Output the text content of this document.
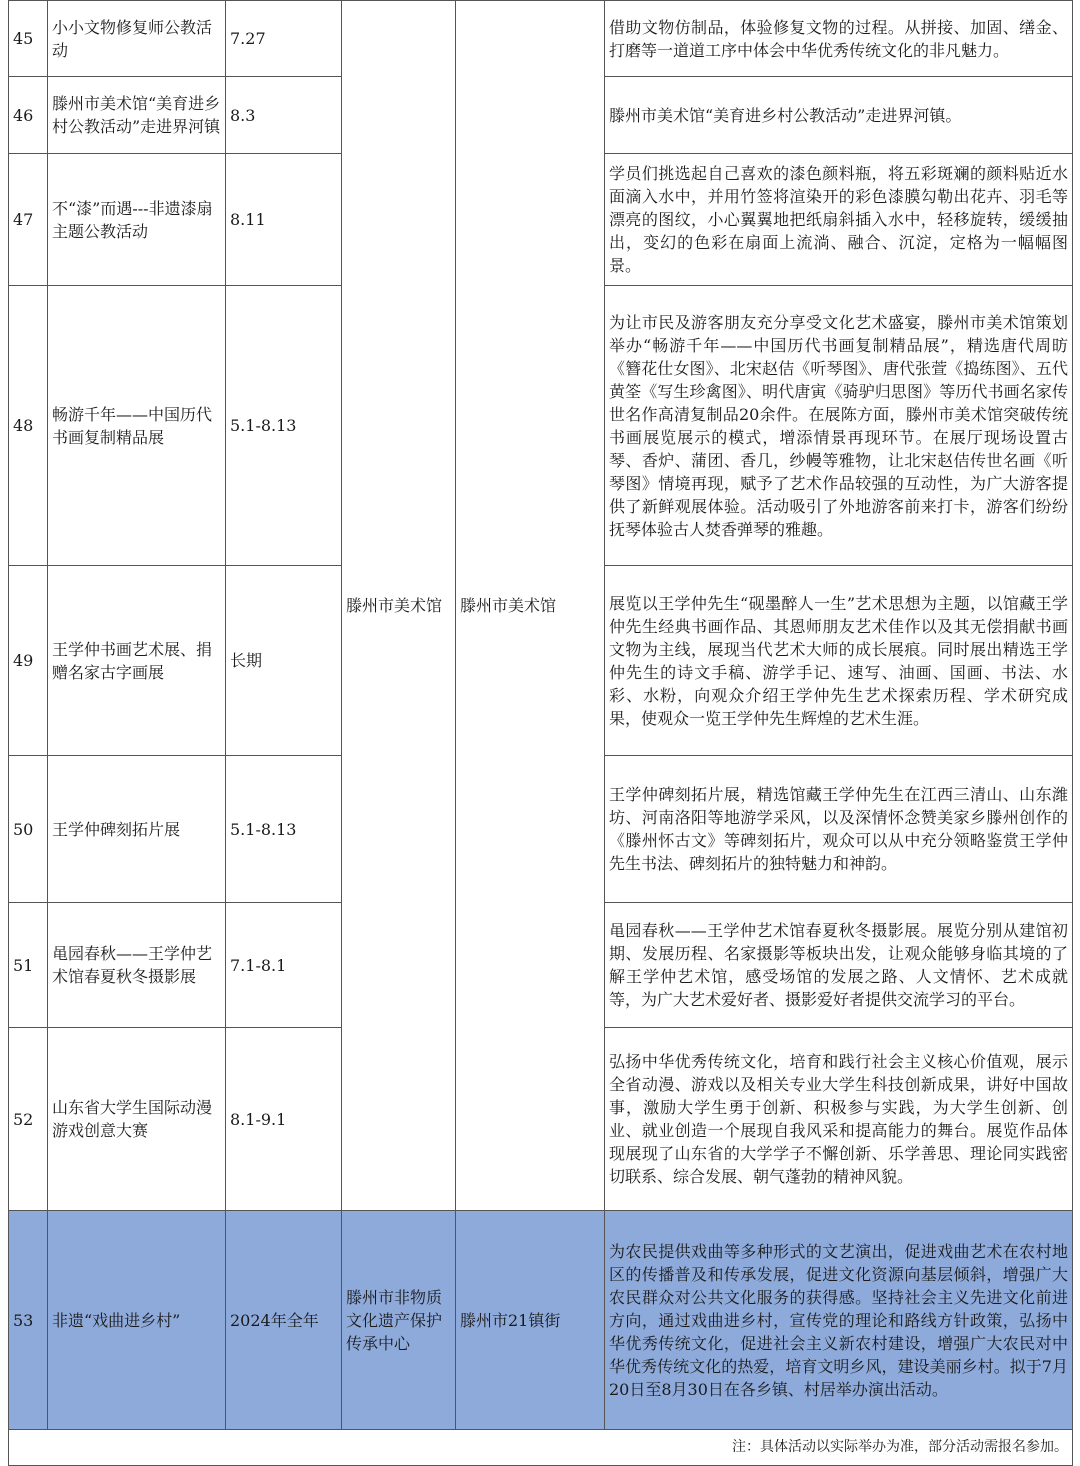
45	小小文物修复师公教活动	7.27	滕州市美术馆	滕州市美术馆	借助文物仿制品，体验修复文物的过程。从拼接、加固、缮金、打磨等一道道工序中体会中华优秀传统文化的非凡魅力。
46	滕州市美术馆“美育进乡村公教活动”走进界河镇	8.3			滕州市美术馆“美育进乡村公教活动”走进界河镇。
47	不“漆”而遇---非遗漆扇主题公教活动	8.11			学员们挑选起自己喜欢的漆色颜料瓶，将五彩斑斓的颜料贴近水面滴入水中，并用竹签将渲染开的彩色漆膜勾勒出花卉、羽毛等漂亮的图纹，小心翼翼地把纸扇斜插入水中，轻移旋转，缓缓抽出，变幻的色彩在扇面上流淌、融合、沉淀，定格为一幅幅图景。
48	畅游千年——中国历代书画复制精品展	5.1-8.13			为让市民及游客朋友充分享受文化艺术盛宴，滕州市美术馆策划举办“畅游千年——中国历代书画复制精品展”，精选唐代周昉《簪花仕女图》、北宋赵佶《听琴图》、唐代张萱《捣练图》、五代黄筌《写生珍禽图》、明代唐寅《骑驴归思图》等历代书画名家传世名作高清复制品20余件。在展陈方面，滕州市美术馆突破传统书画展览展示的模式，增添情景再现环节。在展厅现场设置古琴、香炉、蒲团、香几，纱幔等雅物，让北宋赵佶传世名画《听琴图》情境再现，赋予了艺术作品较强的互动性，为广大游客提供了新鲜观展体验。活动吸引了外地游客前来打卡，游客们纷纷抚琴体验古人焚香弹琴的雅趣。
49	王学仲书画艺术展、捐赠名家古字画展	长期			展览以王学仲先生“砚墨醉人一生”艺术思想为主题，以馆藏王学仲先生经典书画作品、其恩师朋友艺术佳作以及其无偿捐献书画文物为主线，展现当代艺术大师的成长展痕。同时展出精选王学仲先生的诗文手稿、游学手记、速写、油画、国画、书法、水彩、水粉，向观众介绍王学仲先生艺术探索历程、学术研究成果，使观众一览王学仲先生辉煌的艺术生涯。
50	王学仲碑刻拓片展	5.1-8.13			王学仲碑刻拓片展，精选馆藏王学仲先生在江西三清山、山东潍坊、河南洛阳等地游学采风，以及深情怀念赞美家乡滕州创作的《滕州怀古文》等碑刻拓片，观众可以从中充分领略鉴赏王学仲先生书法、碑刻拓片的独特魅力和神韵。
51	黾园春秋——王学仲艺术馆春夏秋冬摄影展	7.1-8.1			黾园春秋——王学仲艺术馆春夏秋冬摄影展。展览分别从建馆初期、发展历程、名家摄影等板块出发，让观众能够身临其境的了解王学仲艺术馆，感受场馆的发展之路、人文情怀、艺术成就等，为广大艺术爱好者、摄影爱好者提供交流学习的平台。
52	山东省大学生国际动漫游戏创意大赛	8.1-9.1			弘扬中华优秀传统文化，培育和践行社会主义核心价值观，展示全省动漫、游戏以及相关专业大学生科技创新成果，讲好中国故事，激励大学生勇于创新、积极参与实践，为大学生创新、创业、就业创造一个展现自我风采和提高能力的舞台。展览作品体现展现了山东省的大学学子不懈创新、乐学善思、理论同实践密切联系、综合发展、朝气蓬勃的精神风貌。
53	非遗“戏曲进乡村”	2024年全年	滕州市非物质文化遗产保护传承中心	滕州市21镇街	为农民提供戏曲等多种形式的文艺演出，促进戏曲艺术在农村地区的传播普及和传承发展，促进文化资源向基层倾斜，增强广大农民群众对公共文化服务的获得感。坚持社会主义先进文化前进方向，通过戏曲进乡村，宣传党的理论和路线方针政策，弘扬中华优秀传统文化，促进社会主义新农村建设，增强广大农民对中华优秀传统文化的热爱，培育文明乡风，建设美丽乡村。拟于7月20日至8月30日在各乡镇、村居举办演出活动。
注：具体活动以实际举办为准，部分活动需报名参加。					
